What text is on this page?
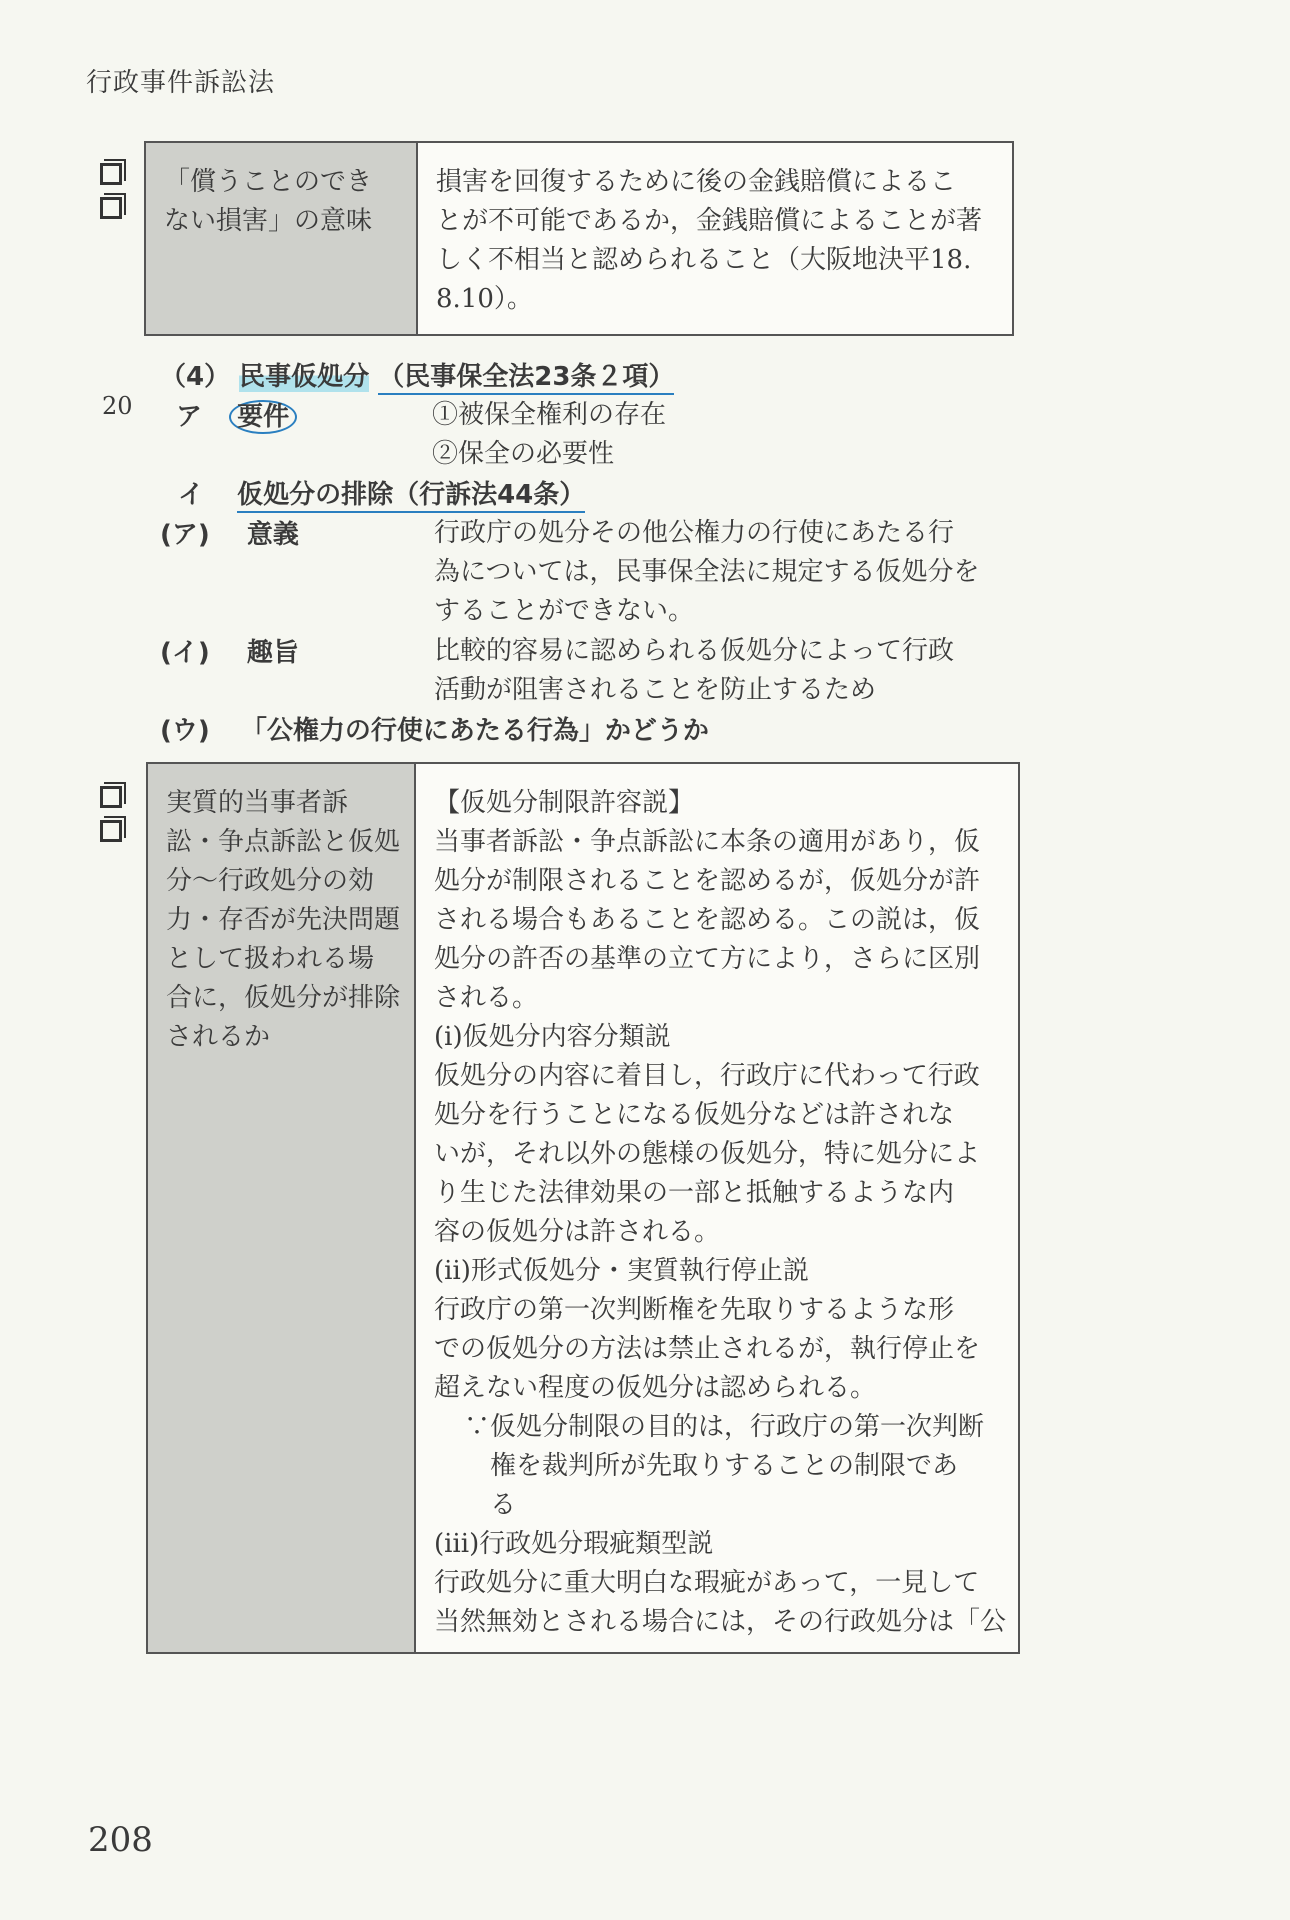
行政事件訴訟法
「償うことのでき
ない損害」の意味

損害を回復するために後の金銭賠償によるこ
とが不可能であるか，金銭賠償によることが著
しく不相当と認められること（大阪地決平18.
8.10）。
（4） 民事仮処分 （民事保全法23条２項）
20 ア 要件	①被保全権利の存在
②保全の必要性
イ 仮処分の排除（行訴法44条）
(ア) 意義	行政庁の処分その他公権力の行使にあたる行
為については，民事保全法に規定する仮処分を
することができない。
(イ) 趣旨	比較的容易に認められる仮処分によって行政
活動が阻害されることを防止するため
(ウ) 「公権力の行使にあたる行為」かどうか
実質的当事者訴
訟・争点訴訟と仮処
分～行政処分の効
力・存否が先決問題
として扱われる場
合に，仮処分が排除
されるか

【仮処分制限許容説】
当事者訴訟・争点訴訟に本条の適用があり，仮
処分が制限されることを認めるが，仮処分が許
される場合もあることを認める。この説は，仮
処分の許否の基準の立て方により，さらに区別
される。
(ⅰ)仮処分内容分類説
仮処分の内容に着目し，行政庁に代わって行政
処分を行うことになる仮処分などは許されな
いが，それ以外の態様の仮処分，特に処分によ
り生じた法律効果の一部と抵触するような内
容の仮処分は許される。
(ⅱ)形式仮処分・実質執行停止説
行政庁の第一次判断権を先取りするような形
での仮処分の方法は禁止されるが，執行停止を
超えない程度の仮処分は認められる。
∵仮処分制限の目的は，行政庁の第一次判断
権を裁判所が先取りすることの制限であ
る
(ⅲ)行政処分瑕疵類型説
行政処分に重大明白な瑕疵があって，一見して
当然無効とされる場合には，その行政処分は「公
208
